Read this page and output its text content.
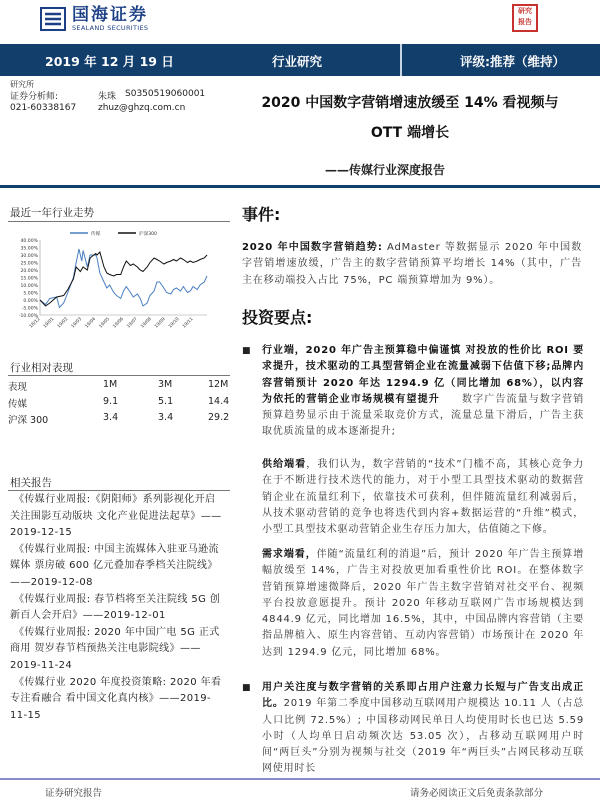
国海证券
SEALAND SECURITIES
研究 报告
2019 年 12 月 19 日	行业研究	评级:推荐（维持）
研究所
证券分析师:	朱珠 S0350519060001
021-60338167 zhuz@ghzq.com.cn	2020 中国数字营销增速放缓至 14% 看视频与
OTT 端增长
——传媒行业深度报告
最近一年行业走势
40.00%
35.00%
30.00%
25.00%
20.00%
15.00%
10.00%
5.00%
0.00%
-5.00%
-10.00%
18/12 19/01 19/02 19/03 19/04 19/05 19/06 19/07 19/08 19/09 19/10 19/11
传媒	沪深300
行业相对表现
表现	1M	3M	12M
传媒	9.1	5.1	14.4
沪深 300	3.4	3.4	29.2
相关报告
《传媒行业周报:《阴阳师》系列影视化开启关注围影互动版块 文化产业促进法起草》——2019-12-15
《传媒行业周报: 中国主流媒体入驻亚马逊流媒体 票房破 600 亿元叠加春季档关注院线》——2019-12-08
《传媒行业周报: 春节档将至关注院线 5G 创新百人会开启》——2019-12-01
《传媒行业周报: 2020 年中国广电 5G 正式商用 贺岁春节档预热关注电影院线》——2019-11-24
《传媒行业 2020 年度投资策略: 2020 年看专注看融合 看中国文化真内核》——2019-11-15
事件:
2020 年中国数字营销趋势: AdMaster 等数据显示 2020 年中国数字营销增速放缓，广告主的数字营销预算平均增长 14%（其中，广告主在移动端投入占比 75%，PC 端预算增加为 9%）。
投资要点:
■ 行业端，2020 年广告主预算稳中偏谨慎 对投放的性价比 ROI 要求提升，技术驱动的工具型营销企业在流量减弱下估值下移;品牌内容营销预计 2020 年达 1294.9 亿（同比增加 68%），以内容为依托的营销企业市场规模有望提升　　数字广告流量与数字营销预算趋势显示由于流量采取竞价方式，流量总量下滑后，广告主获取优质流量的成本逐渐提升;
供给端看，我们认为，数字营销的“技术”门槛不高，其核心竞争力在于不断进行技术迭代的能力，对于小型工具型技术驱动的数据营销企业在流量红利下，依靠技术可获利，但伴随流量红利减弱后，从技术驱动营销的竞争也将迭代到内容+数据运营的“升维”模式，小型工具型技术驱动营销企业生存压力加大，估值随之下修。
需求端看，伴随“流量红利的消退”后，预计 2020 年广告主预算增幅放缓至 14%，广告主对投放更加看重性价比 ROI。在整体数字营销预算增速微降后，2020 年广告主数字营销对社交平台、视频平台投放意愿提升。预计 2020 年移动互联网广告市场规模达到 4844.9 亿元，同比增加 16.5%，其中，中国品牌内容营销（主要指品牌植入、原生内容营销、互动内容营销）市场预计在 2020 年达到 1294.9 亿元，同比增加 68%。
■ 用户关注度与数字营销的关系即占用户注意力长短与广告支出成正比。2019 年第二季度中国移动互联网用户规模达 10.11 人（占总人口比例 72.5%）; 中国移动网民单日人均使用时长也已达 5.59 小时（人均单日启动频次达 53.05 次），占移动互联网用户时间“两巨头”分别为视频与社交（2019 年“两巨头”占网民移动互联网使用时长
证券研究报告	请务必阅读正文后免责条款部分
